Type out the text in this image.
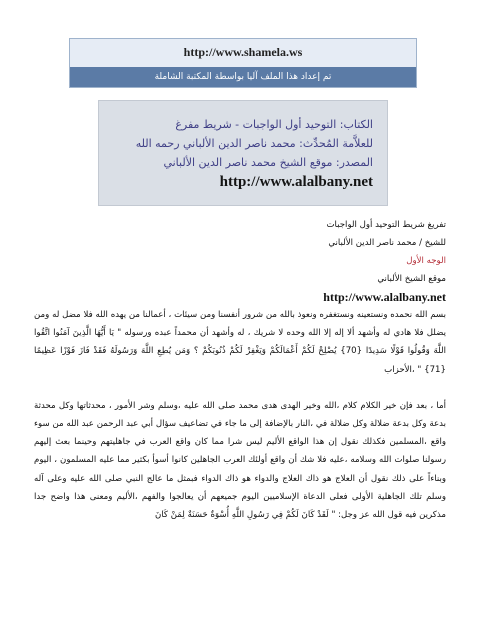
http://www.shamela.ws
تم إعداد هذا الملف آليا بواسطة المكتبة الشاملة
الكتاب: التوحيد أول الواجبات - شريط مفرغ
للعلاَّمة المُحدِّث: محمد ناصر الدين الألباني رحمه الله
المصدر: موقع الشيخ محمد ناصر الدين الألباني
http://www.alalbany.net
تفريغ شريط التوحيد أول الواجبات
للشيخ / محمد ناصر الدين الألباني
الوجه الأول
موقع الشيخ الألباني
http://www.alalbany.net

بسم الله نحمده ونستعينه ونستغفره ونعوذ بالله من شرور أنفسنا ومن سيئات ، أعمالنا من يهده الله فلا مضل له ومن يضلل فلا هادي له وأشهد ألا إله إلا الله وحده لا شريك ، له وأشهد أن محمداً عبده ورسوله " يَا أَيُّهَا الَّذِينَ آمَنُوا اتَّقُوا اللَّهَ وَقُولُوا قَوْلًا سَدِيدًا {70} يُصْلِحْ لَكُمْ أَعْمَالَكُمْ وَيَغْفِرْ لَكُمْ ذُنُوبَكُمْ ؟ وَمَن يُطِعِ اللَّهَ وَرَسُولَهُ فَقَدْ فَازَ فَوْزًا عَظِيمًا {71} " ،الأحزاب

أما ، بعد فإن خير الكلام كلام ،الله وخير الهدى هدى محمد صلى الله عليه ،وسلم وشر الأمور ، محدثاتها وكل محدثة بدعة وكل بدعة ضلالة وكل ضلالة في ،النار بالإضافة إلى ما جاء في تضاعيف سؤال أبي عبد الرحمن عبد الله من سوء واقع ،المسلمين فكذلك نقول إن هذا الواقع الأليم ليس شرا مما كان واقع العرب في جاهليتهم وحينما بعث إليهم رسولنا صلوات الله وسلامه ،عليه فلا شك أن واقع أولئك العرب الجاهلين كانوا أسوأ بكثير مما عليه المسلمون ، اليوم وبناءاً على ذلك نقول أن العلاج هو ذاك العلاج والدواء هو ذاك الدواء فبمثل ما عالج النبي صلى الله عليه وعلى آله وسلم تلك الجاهلية الأولى فعلى الدعاة الإسلاميين اليوم جميعهم أن يعالجوا والفهم ،الأليم ومعنى هذا واضح جدا مذكرين فيه قول الله عز وجل: " لَقَدْ كَانَ لَكُمْ فِي رَسُولِ اللَّهِ أُسْوَةٌ حَسَنَةٌ لِمَنْ كَانَ
